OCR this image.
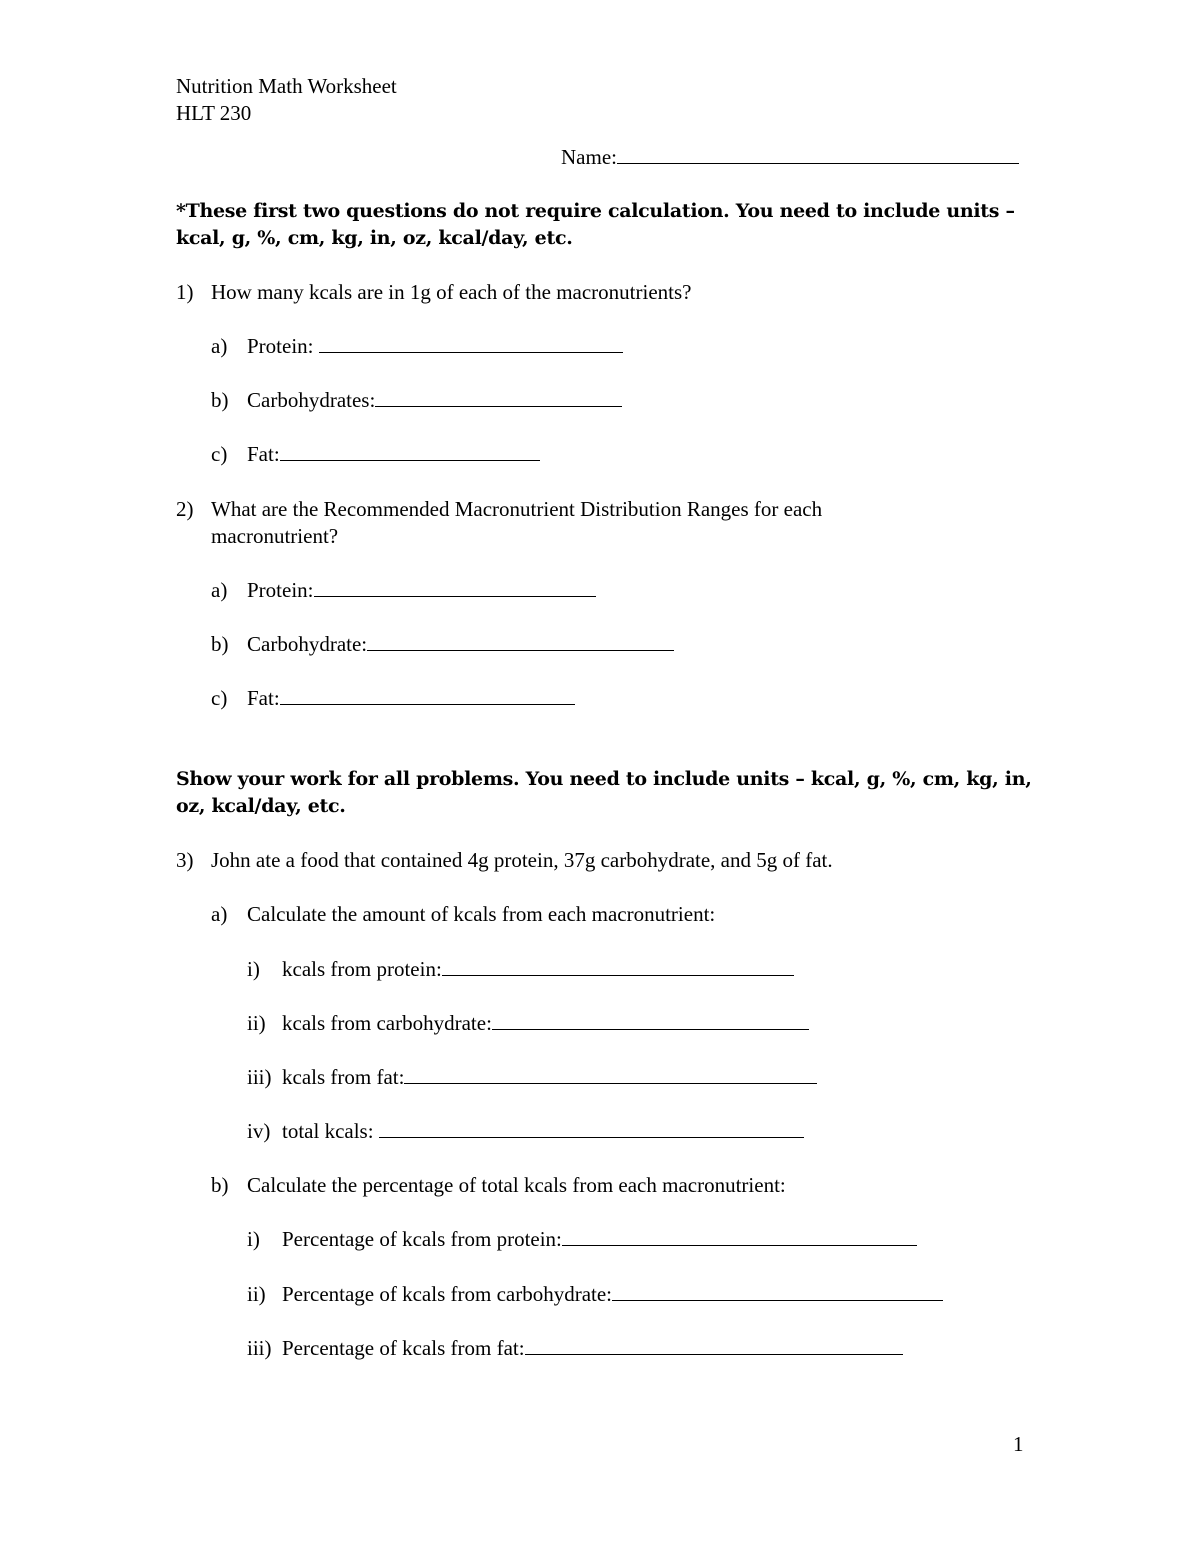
Nutrition Math Worksheet
HLT 230
Name:
*These first two questions do not require calculation. You need to include units –
kcal, g, %, cm, kg, in, oz, kcal/day, etc.
1) How many kcals are in 1g of each of the macronutrients?
a) Protein:
b) Carbohydrates:
c) Fat:
2) What are the Recommended Macronutrient Distribution Ranges for each
macronutrient?
a) Protein:
b) Carbohydrate:
c) Fat:
Show your work for all problems. You need to include units – kcal, g, %, cm, kg, in,
oz, kcal/day, etc.
3) John ate a food that contained 4g protein, 37g carbohydrate, and 5g of fat.
a) Calculate the amount of kcals from each macronutrient:
i) kcals from protein:
ii) kcals from carbohydrate:
iii) kcals from fat:
iv) total kcals:
b) Calculate the percentage of total kcals from each macronutrient:
i) Percentage of kcals from protein:
ii) Percentage of kcals from carbohydrate:
iii) Percentage of kcals from fat:
1
